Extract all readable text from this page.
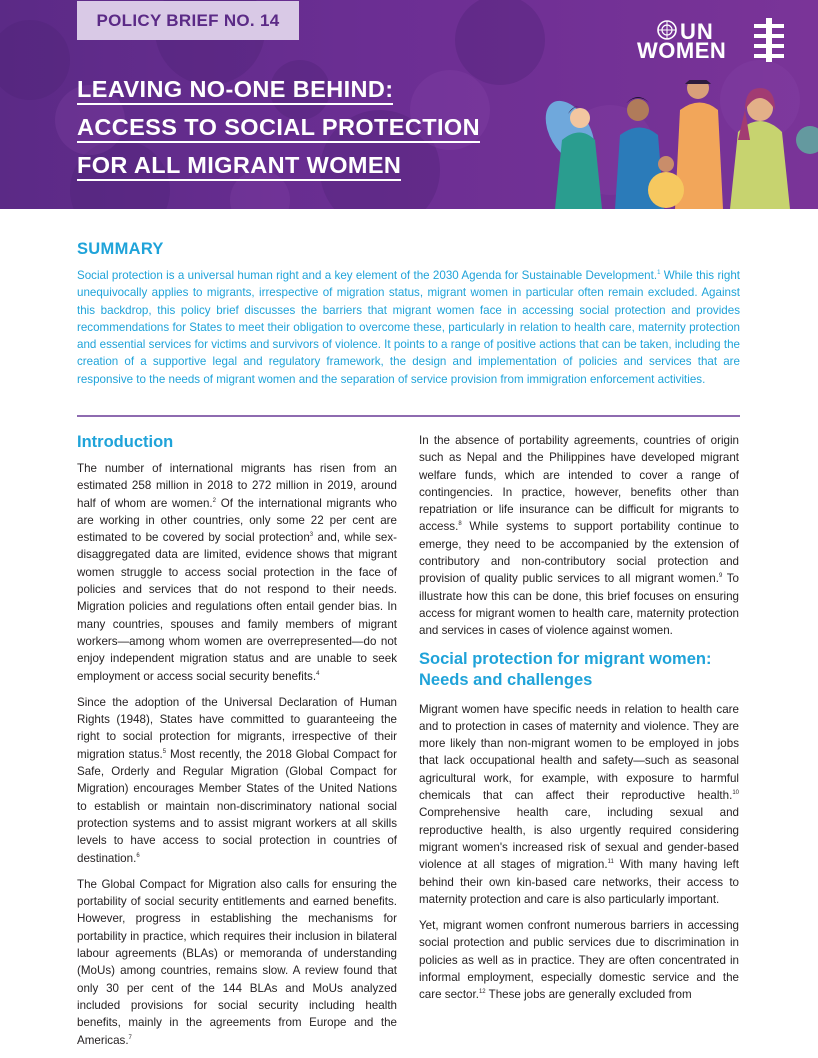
POLICY BRIEF NO. 14
LEAVING NO-ONE BEHIND:
ACCESS TO SOCIAL PROTECTION
FOR ALL MIGRANT WOMEN
UN
WOMEN
SUMMARY

Social protection is a universal human right and a key element of the 2030 Agenda for Sustainable Development.$^1$ While this right unequivocally applies to migrants, irrespective of migration status, migrant women in particular often remain excluded. Against this backdrop, this policy brief discusses the barriers that migrant women face in accessing social protection and provides recommendations for States to meet their obligation to overcome these, particularly in relation to health care, maternity protection and essential services for victims and survivors of violence. It points to a range of positive actions that can be taken, including the creation of a supportive legal and regulatory framework, the design and implementation of policies and services that are responsive to the needs of migrant women and the separation of service provision from immigration enforcement activities.

Introduction

The number of international migrants has risen from an estimated 258 million in 2018 to 272 million in 2019, around half of whom are women.$^2$ Of the international migrants who are working in other countries, only some 22 per cent are estimated to be covered by social protection$^3$ and, while sex-disaggregated data are limited, evidence shows that migrant women struggle to access social protection in the face of policies and services that do not respond to their needs. Migration policies and regulations often entail gender bias. In many countries, spouses and family members of migrant workers—among whom women are overrepresented—do not enjoy independent migration status and are unable to seek employment or access social security benefits.$^4$

Since the adoption of the Universal Declaration of Human Rights (1948), States have committed to guaranteeing the right to social protection for migrants, irrespective of their migration status.$^5$ Most recently, the 2018 Global Compact for Safe, Orderly and Regular Migration (Global Compact for Migration) encourages Member States of the United Nations to establish or maintain non-discriminatory national social protection systems and to assist migrant workers at all skills levels to have access to social protection in countries of destination.$^6$

The Global Compact for Migration also calls for ensuring the portability of social security entitlements and earned benefits. However, progress in establishing the mechanisms for portability in practice, which requires their inclusion in bilateral labour agreements (BLAs) or memoranda of understanding (MoUs) among countries, remains slow. A review found that only 30 per cent of the 144 BLAs and MoUs analyzed included provisions for social security including health benefits, mainly in the agreements from Europe and the Americas.$^7$

In the absence of portability agreements, countries of origin such as Nepal and the Philippines have developed migrant welfare funds, which are intended to cover a range of contingencies. In practice, however, benefits other than repatriation or life insurance can be difficult for migrants to access.$^8$ While systems to support portability continue to emerge, they need to be accompanied by the extension of contributory and non-contributory social protection and provision of quality public services to all migrant women.$^9$ To illustrate how this can be done, this brief focuses on ensuring access for migrant women to health care, maternity protection and services in cases of violence against women.

Social protection for migrant women: Needs and challenges

Migrant women have specific needs in relation to health care and to protection in cases of maternity and violence. They are more likely than non-migrant women to be employed in jobs that lack occupational health and safety—such as seasonal agricultural work, for example, with exposure to harmful chemicals that can affect their reproductive health.$^{10}$ Comprehensive health care, including sexual and reproductive health, is also urgently required considering migrant women's increased risk of sexual and gender-based violence at all stages of migration.$^{11}$ With many having left behind their own kin-based care networks, their access to maternity protection and care is also particularly important.

Yet, migrant women confront numerous barriers in accessing social protection and public services due to discrimination in policies as well as in practice. They are often concentrated in informal employment, especially domestic service and the care sector.$^{12}$ These jobs are generally excluded from
